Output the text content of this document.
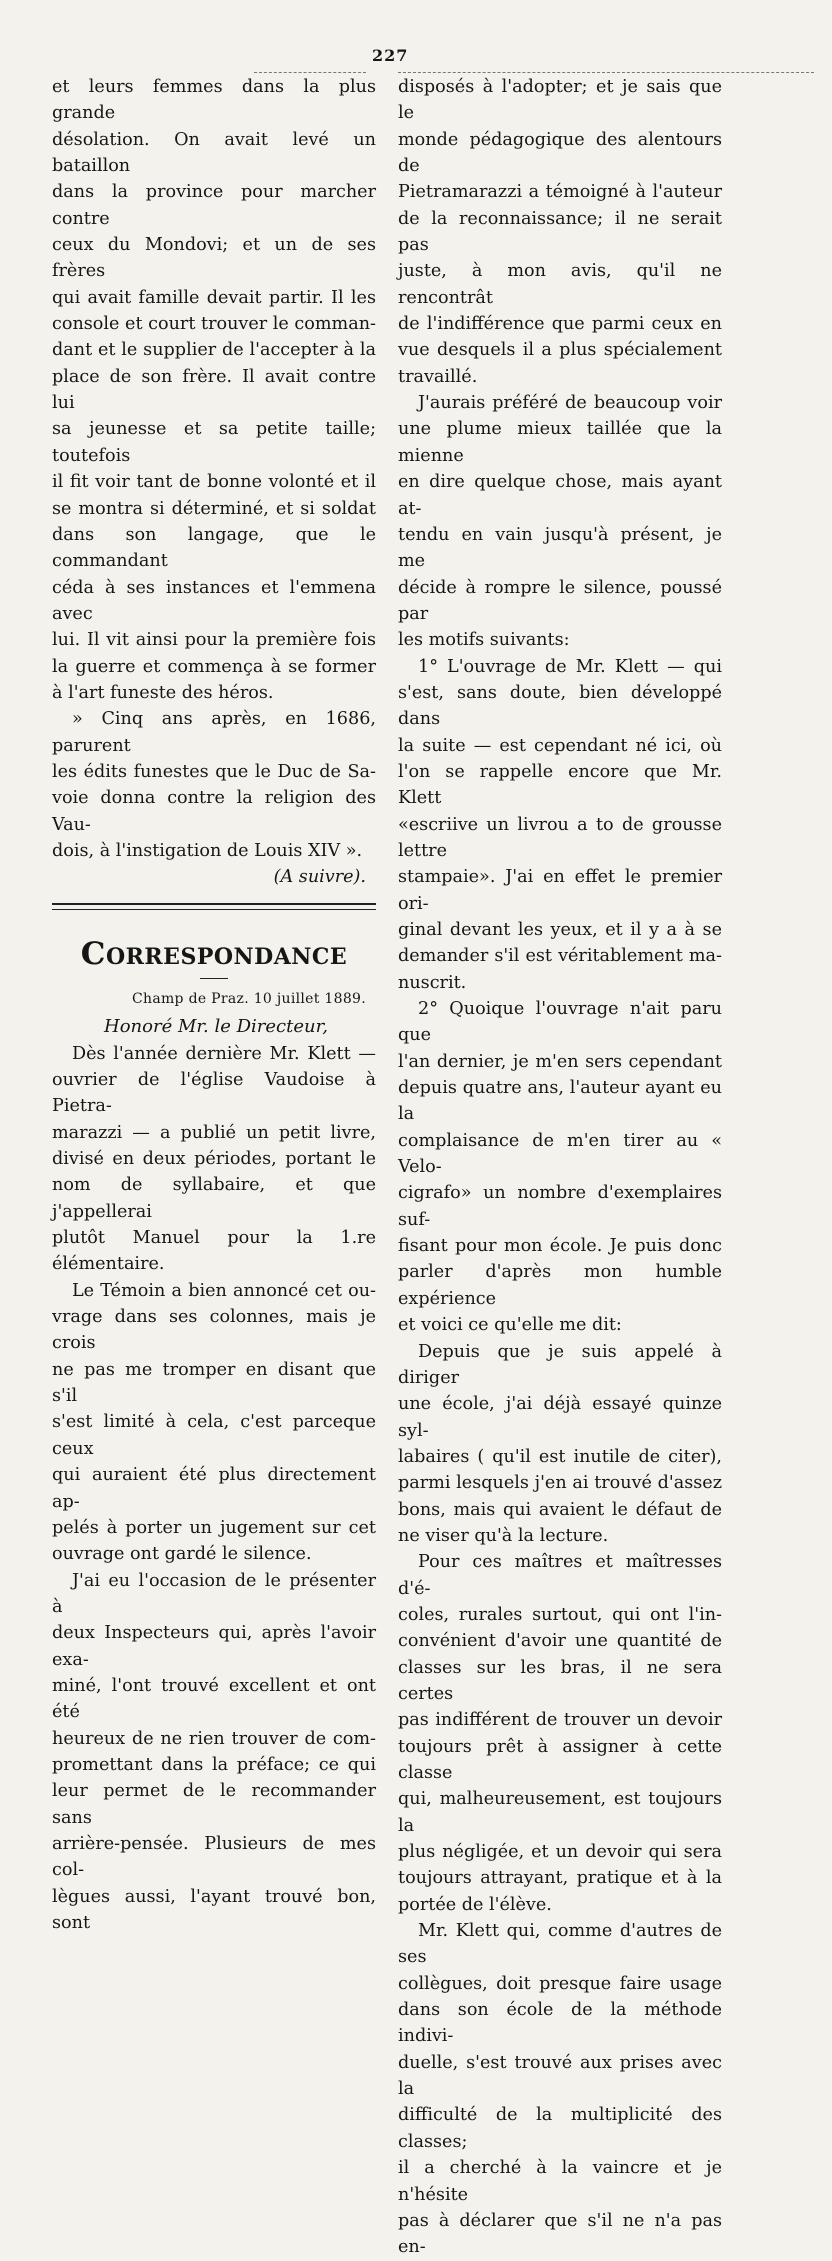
227

et leurs femmes dans la plus grande

désolation. On avait levé un bataillon

dans la province pour marcher contre

ceux du Mondovi; et un de ses frères

qui avait famille devait partir. Il les

console et court trouver le comman-

dant et le supplier de l'accepter à la

place de son frère. Il avait contre lui

sa jeunesse et sa petite taille; toutefois

il fit voir tant de bonne volonté et il

se montra si déterminé, et si soldat

dans son langage, que le commandant

céda à ses instances et l'emmena avec

lui. Il vit ainsi pour la première fois

la guerre et commença à se former

à l'art funeste des héros.

» Cinq ans après, en 1686, parurent

les édits funestes que le Duc de Sa-

voie donna contre la religion des Vau-

dois, à l'instigation de Louis XIV ».

(A suivre).

Correspondance
Champ de Praz. 10 juillet 1889.
Honoré Mr. le Directeur,

Dès l'année dernière Mr. Klett —

ouvrier de l'église Vaudoise à Pietra-

marazzi — a publié un petit livre,

divisé en deux périodes, portant le

nom de syllabaire, et que j'appellerai

plutôt Manuel pour la 1.re élémentaire.

Le Témoin a bien annoncé cet ou-

vrage dans ses colonnes, mais je crois

ne pas me tromper en disant que s'il

s'est limité à cela, c'est parceque ceux

qui auraient été plus directement ap-

pelés à porter un jugement sur cet

ouvrage ont gardé le silence.

J'ai eu l'occasion de le présenter à

deux Inspecteurs qui, après l'avoir exa-

miné, l'ont trouvé excellent et ont été

heureux de ne rien trouver de com-

promettant dans la préface; ce qui

leur permet de le recommander sans

arrière-pensée. Plusieurs de mes col-

lègues aussi, l'ayant trouvé bon, sont

disposés à l'adopter; et je sais que le

monde pédagogique des alentours de

Pietramarazzi a témoigné à l'auteur

de la reconnaissance; il ne serait pas

juste, à mon avis, qu'il ne rencontrât

de l'indifférence que parmi ceux en

vue desquels il a plus spécialement

travaillé.

J'aurais préféré de beaucoup voir

une plume mieux taillée que la mienne

en dire quelque chose, mais ayant at-

tendu en vain jusqu'à présent, je me

décide à rompre le silence, poussé par

les motifs suivants:

1° L'ouvrage de Mr. Klett — qui

s'est, sans doute, bien développé dans

la suite — est cependant né ici, où

l'on se rappelle encore que Mr. Klett

«escriive un livrou a to de grousse lettre

stampaie». J'ai en effet le premier ori-

ginal devant les yeux, et il y a à se

demander s'il est véritablement ma-

nuscrit.

2° Quoique l'ouvrage n'ait paru que

l'an dernier, je m'en sers cependant

depuis quatre ans, l'auteur ayant eu la

complaisance de m'en tirer au « Velo-

cigrafo» un nombre d'exemplaires suf-

fisant pour mon école. Je puis donc

parler d'après mon humble expérience

et voici ce qu'elle me dit:

Depuis que je suis appelé à diriger

une école, j'ai déjà essayé quinze syl-

labaires ( qu'il est inutile de citer),

parmi lesquels j'en ai trouvé d'assez

bons, mais qui avaient le défaut de

ne viser qu'à la lecture.

Pour ces maîtres et maîtresses d'é-

coles, rurales surtout, qui ont l'in-

convénient d'avoir une quantité de

classes sur les bras, il ne sera certes

pas indifférent de trouver un devoir

toujours prêt à assigner à cette classe

qui, malheureusement, est toujours la

plus négligée, et un devoir qui sera

toujours attrayant, pratique et à la

portée de l'élève.

Mr. Klett qui, comme d'autres de ses

collègues, doit presque faire usage

dans son école de la méthode indivi-

duelle, s'est trouvé aux prises avec la

difficulté de la multiplicité des classes;

il a cherché à la vaincre et je n'hésite

pas à déclarer que s'il ne n'a pas en-
